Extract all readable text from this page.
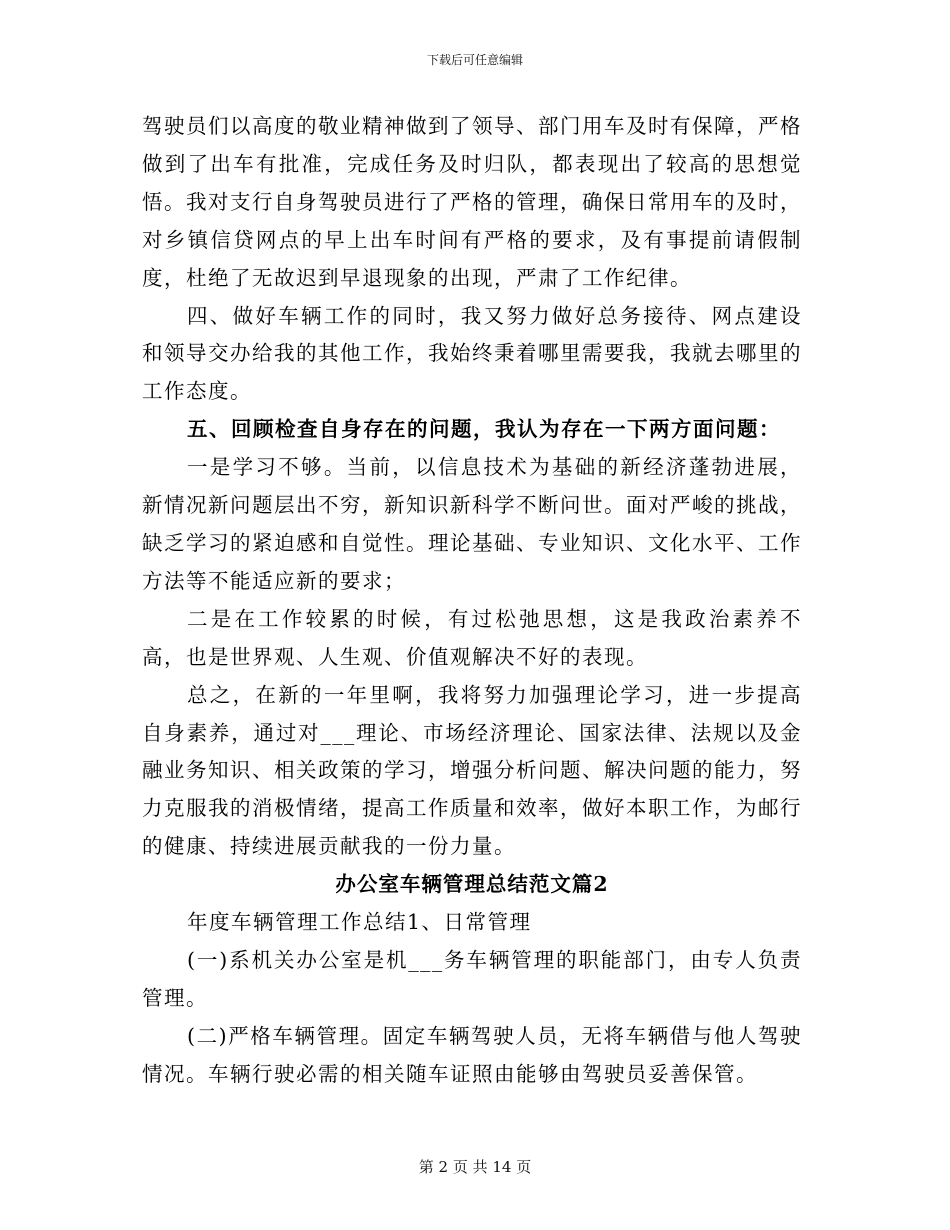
下载后可任意编辑

驾驶员们以高度的敬业精神做到了领导、部门用车及时有保障，严格做到了出车有批准，完成任务及时归队，都表现出了较高的思想觉悟。我对支行自身驾驶员进行了严格的管理，确保日常用车的及时，对乡镇信贷网点的早上出车时间有严格的要求，及有事提前请假制度，杜绝了无故迟到早退现象的出现，严肃了工作纪律。

四、做好车辆工作的同时，我又努力做好总务接待、网点建设和领导交办给我的其他工作，我始终秉着哪里需要我，我就去哪里的工作态度。

五、回顾检查自身存在的问题，我认为存在一下两方面问题：

一是学习不够。当前，以信息技术为基础的新经济蓬勃进展，新情况新问题层出不穷，新知识新科学不断问世。面对严峻的挑战，缺乏学习的紧迫感和自觉性。理论基础、专业知识、文化水平、工作方法等不能适应新的要求；

二是在工作较累的时候，有过松弛思想，这是我政治素养不高，也是世界观、人生观、价值观解决不好的表现。

总之，在新的一年里啊，我将努力加强理论学习，进一步提高自身素养，通过对___理论、市场经济理论、国家法律、法规以及金融业务知识、相关政策的学习，增强分析问题、解决问题的能力，努力克服我的消极情绪，提高工作质量和效率，做好本职工作，为邮行的健康、持续进展贡献我的一份力量。

办公室车辆管理总结范文篇2

年度车辆管理工作总结1、日常管理

(一)系机关办公室是机___务车辆管理的职能部门，由专人负责管理。

(二)严格车辆管理。固定车辆驾驶人员，无将车辆借与他人驾驶情况。车辆行驶必需的相关随车证照由能够由驾驶员妥善保管。

第 2 页 共 14 页
